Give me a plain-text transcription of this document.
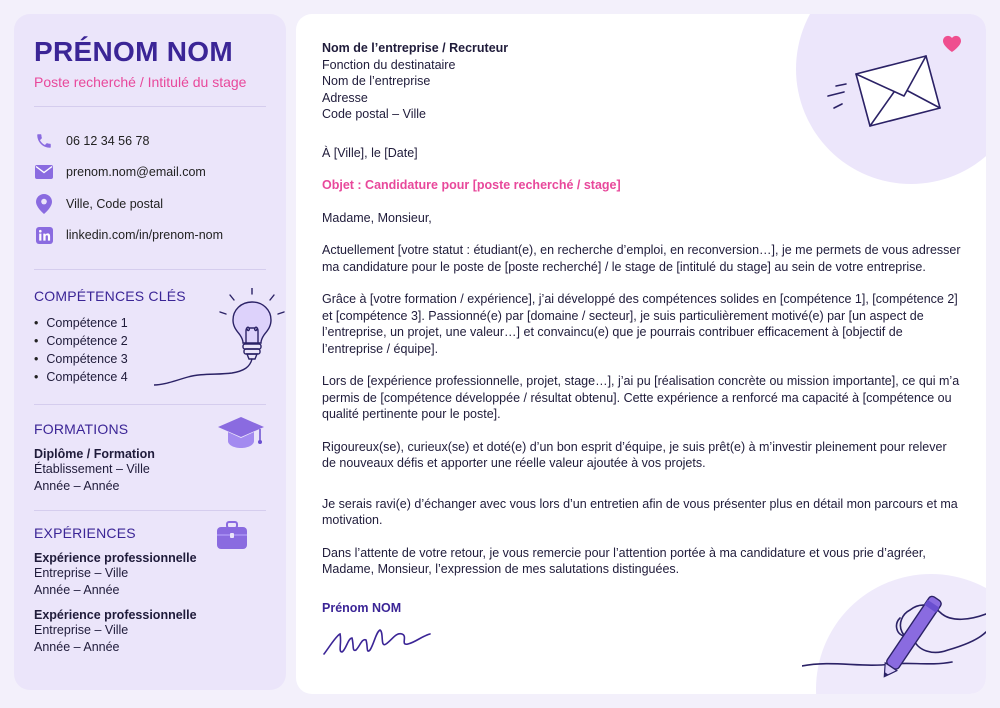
PRÉNOM NOM
Poste recherché / Intitulé du stage
06 12 34 56 78
prenom.nom@email.com
Ville, Code postal
linkedin.com/in/prenom-nom
COMPÉTENCES CLÉS
• Compétence 1
• Compétence 2
• Compétence 3
• Compétence 4
FORMATIONS
Diplôme / Formation
Établissement – Ville
Année – Année
EXPÉRIENCES
Expérience professionnelle
Entreprise – Ville
Année – Année
Expérience professionnelle
Entreprise – Ville
Année – Année
Nom de l’entreprise / Recruteur
Fonction du destinataire
Nom de l’entreprise
Adresse
Code postal – Ville

À [Ville], le [Date]

Objet : Candidature pour [poste recherché / stage]

Madame, Monsieur,

Actuellement [votre statut : étudiant(e), en recherche d’emploi, en reconversion…], je me permets de vous adresser ma candidature pour le poste de [poste recherché] / le stage de [intitulé du stage] au sein de votre entreprise.

Grâce à [votre formation / expérience], j’ai développé des compétences solides en [compétence 1], [compétence 2] et [compétence 3]. Passionné(e) par [domaine / secteur], je suis particulièrement motivé(e) par [un aspect de l’entreprise, un projet, une valeur…] et convaincu(e) que je pourrais contribuer efficacement à [objectif de l’entreprise / équipe].

Lors de [expérience professionnelle, projet, stage…], j’ai pu [réalisation concrète ou mission importante], ce qui m’a permis de [compétence développée / résultat obtenu]. Cette expérience a renforcé ma capacité à [compétence ou qualité pertinente pour le poste].

Rigoureux(se), curieux(se) et doté(e) d’un bon esprit d’équipe, je suis prêt(e) à m’investir pleinement pour relever de nouveaux défis et apporter une réelle valeur ajoutée à vos projets.

Je serais ravi(e) d’échanger avec vous lors d’un entretien afin de vous présenter plus en détail mon parcours et ma motivation.

Dans l’attente de votre retour, je vous remercie pour l’attention portée à ma candidature et vous prie d’agréer, Madame, Monsieur, l’expression de mes salutations distinguées.

Prénom NOM
